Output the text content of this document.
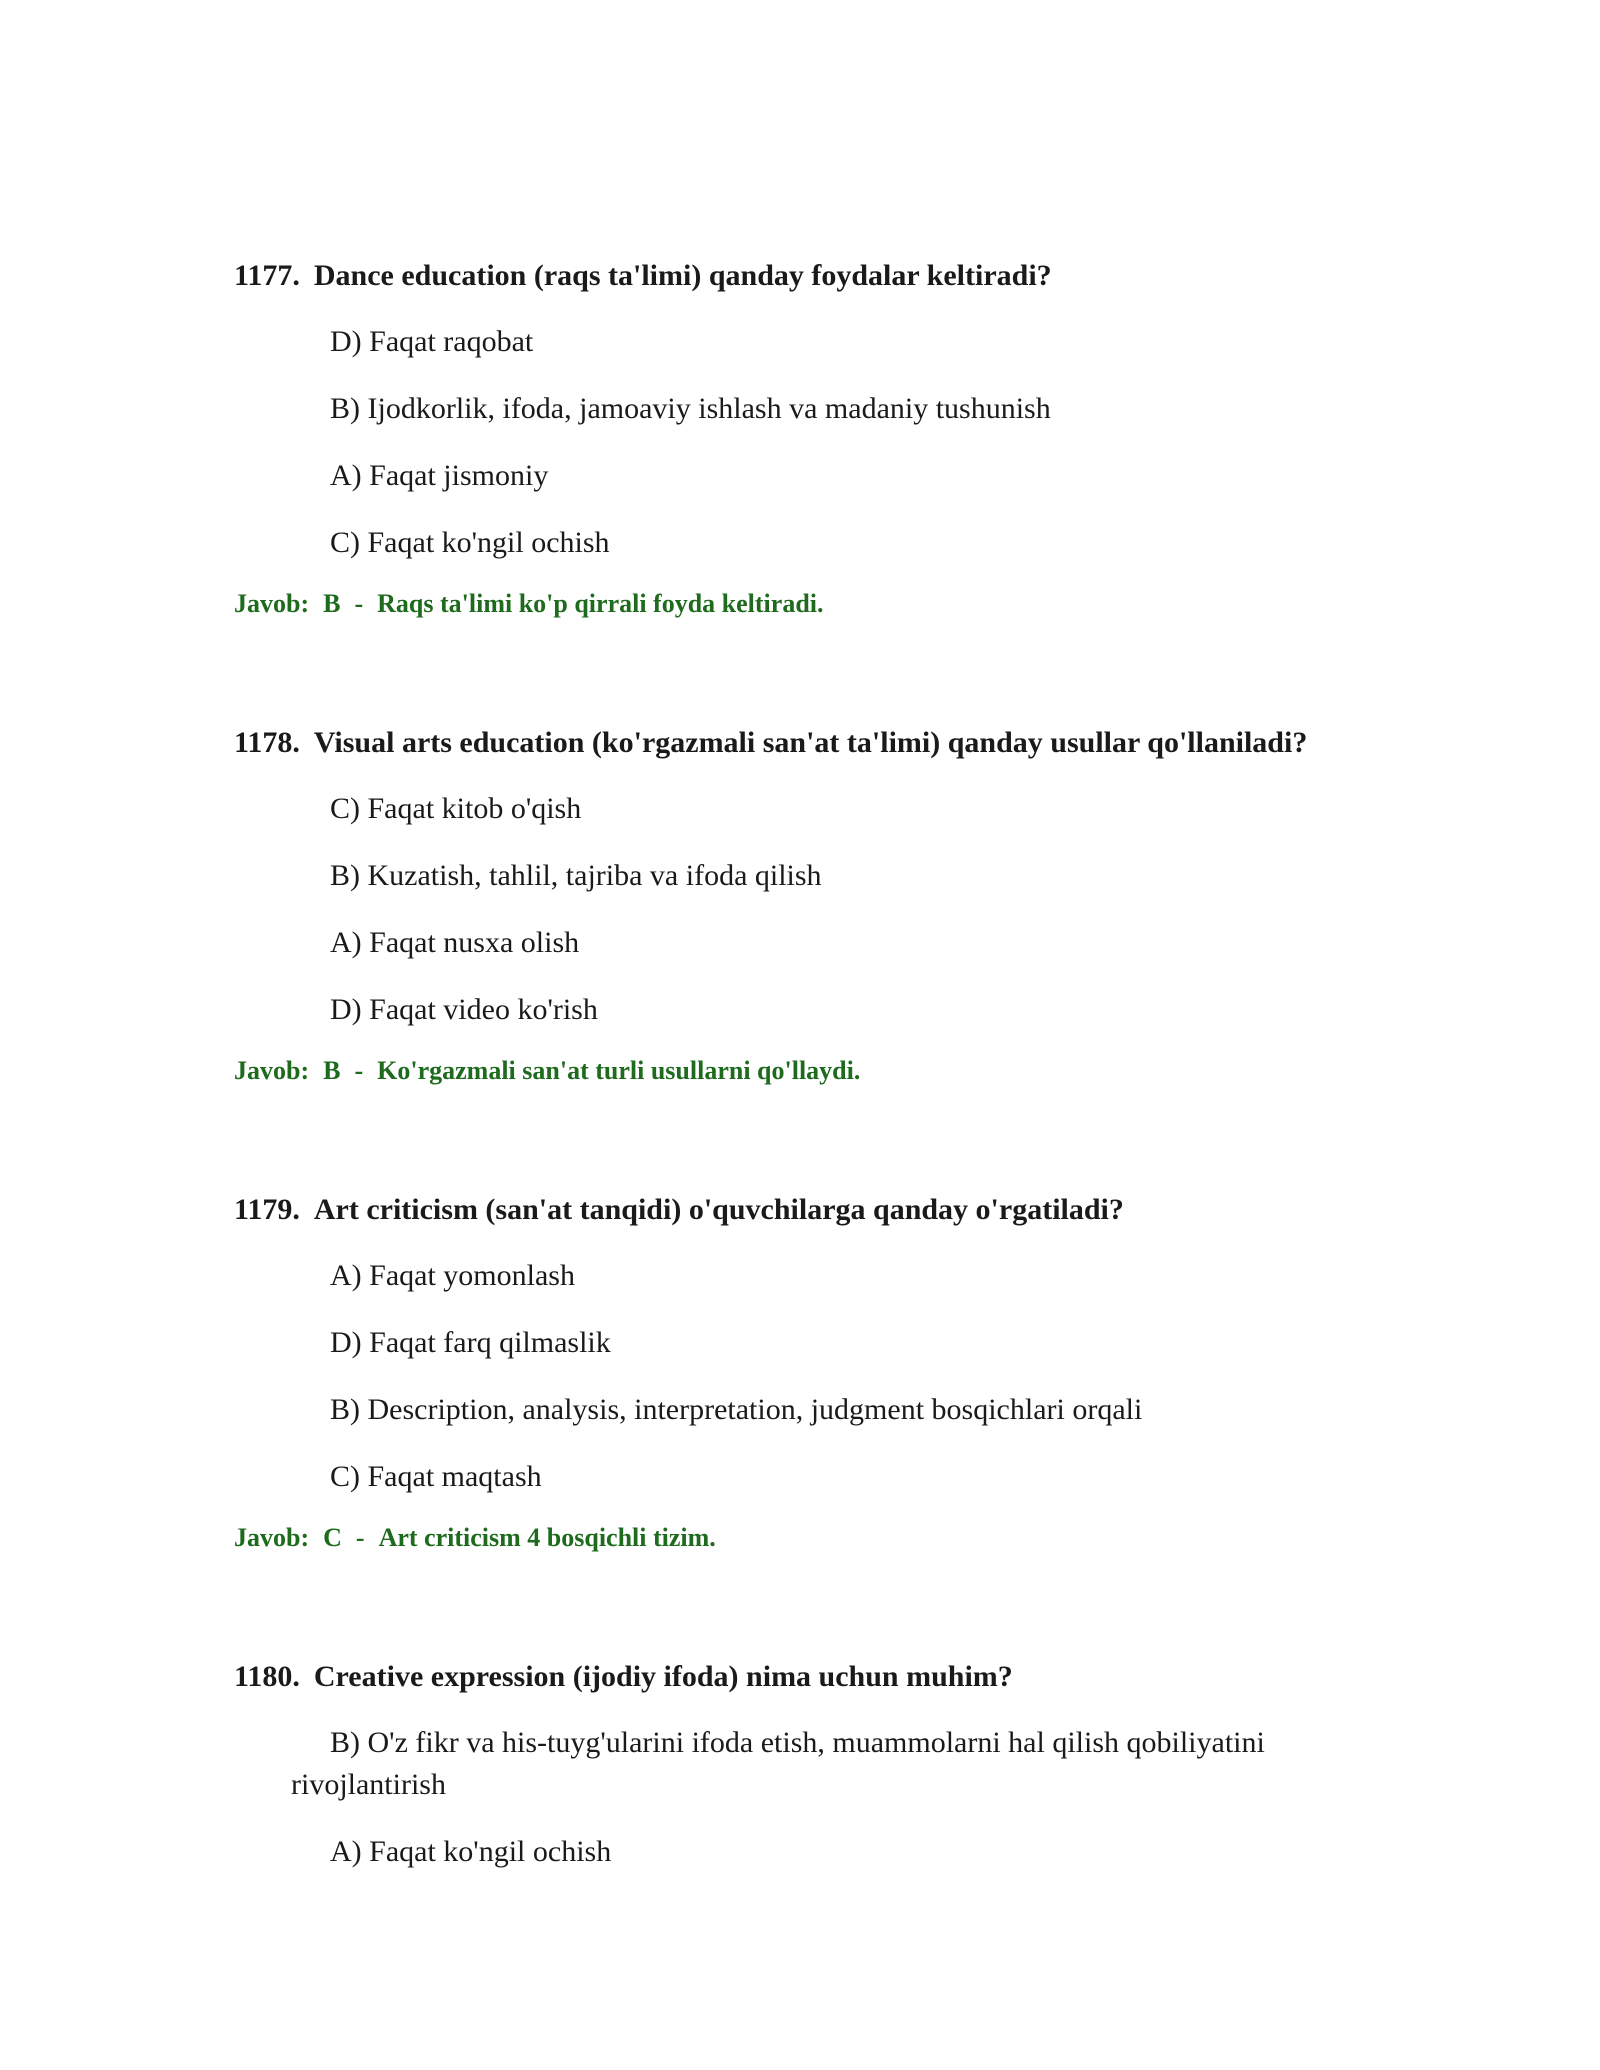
1177. Dance education (raqs ta'limi) qanday foydalar keltiradi?

D) Faqat raqobat
B) Ijodkorlik, ifoda, jamoaviy ishlash va madaniy tushunish
A) Faqat jismoniy
C) Faqat ko'ngil ochish
Javob: B - Raqs ta'limi ko'p qirrali foyda keltiradi.

1178. Visual arts education (ko'rgazmali san'at ta'limi) qanday usullar qo'llaniladi?

C) Faqat kitob o'qish
B) Kuzatish, tahlil, tajriba va ifoda qilish
A) Faqat nusxa olish
D) Faqat video ko'rish
Javob: B - Ko'rgazmali san'at turli usullarni qo'llaydi.

1179. Art criticism (san'at tanqidi) o'quvchilarga qanday o'rgatiladi?

A) Faqat yomonlash
D) Faqat farq qilmaslik
B) Description, analysis, interpretation, judgment bosqichlari orqali
C) Faqat maqtash
Javob: C - Art criticism 4 bosqichli tizim.

1180. Creative expression (ijodiy ifoda) nima uchun muhim?

B) O'z fikr va his-tuyg'ularini ifoda etish, muammolarni hal qilish qobiliyatini rivojlantirish
A) Faqat ko'ngil ochish
